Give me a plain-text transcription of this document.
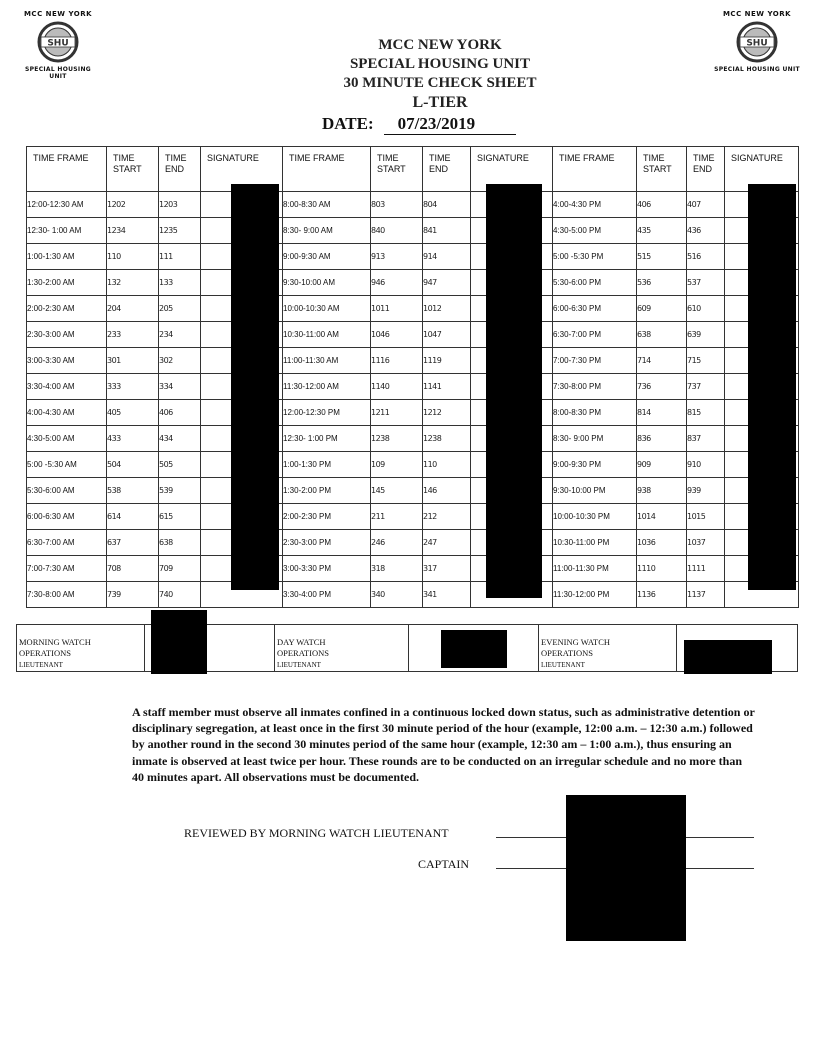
MCC NEW YORK
SHU
SPECIAL HOUSING UNIT
MCC NEW YORK
SHU
SPECIAL HOUSING UNIT
MCC NEW YORK
SPECIAL HOUSING UNIT
30 MINUTE CHECK SHEET
L-TIER
DATE: 07/23/2019
TIME FRAME	TIME START	TIME END	SIGNATURE	TIME FRAME	TIME START	TIME END	SIGNATURE	TIME FRAME	TIME START	TIME END	SIGNATURE
12:00-12:30 AM	1202	1203		8:00-8:30 AM	803	804		4:00-4:30 PM	406	407	
12:30- 1:00 AM	1234	1235		8:30- 9:00 AM	840	841		4:30-5:00 PM	435	436	
1:00-1:30 AM	110	111		9:00-9:30 AM	913	914		5:00 -5:30 PM	515	516	
1:30-2:00 AM	132	133		9:30-10:00 AM	946	947		5:30-6:00 PM	536	537	
2:00-2:30 AM	204	205		10:00-10:30 AM	1011	1012		6:00-6:30 PM	609	610	
2:30-3:00 AM	233	234		10:30-11:00 AM	1046	1047		6:30-7:00 PM	638	639	
3:00-3:30 AM	301	302		11:00-11:30 AM	1116	1119		7:00-7:30 PM	714	715	
3:30-4:00 AM	333	334		11:30-12:00 AM	1140	1141		7:30-8:00 PM	736	737	
4:00-4:30 AM	405	406		12:00-12:30 PM	1211	1212		8:00-8:30 PM	814	815	
4:30-5:00 AM	433	434		12:30- 1:00 PM	1238	1238		8:30- 9:00 PM	836	837	
5:00 -5:30 AM	504	505		1:00-1:30 PM	109	110		9:00-9:30 PM	909	910	
5:30-6:00 AM	538	539		1:30-2:00 PM	145	146		9:30-10:00 PM	938	939	
6:00-6:30 AM	614	615		2:00-2:30 PM	211	212		10:00-10:30 PM	1014	1015	
6:30-7:00 AM	637	638		2:30-3:00 PM	246	247		10:30-11:00 PM	1036	1037	
7:00-7:30 AM	708	709		3:00-3:30 PM	318	317		11:00-11:30 PM	1110	1111	
7:30-8:00 AM	739	740		3:30-4:00 PM	340	341		11:30-12:00 PM	1136	1137	
MORNING WATCH
OPERATIONS
LIEUTENANT
DAY WATCH
OPERATIONS
LIEUTENANT
EVENING WATCH
OPERATIONS
LIEUTENANT
A staff member must observe all inmates confined in a continuous locked down status, such as administrative detention or disciplinary segregation, at least once in the first 30 minute period of the hour (example, 12:00 a.m. – 12:30 a.m.) followed by another round in the second 30 minutes period of the same hour (example, 12:30 am – 1:00 a.m.), thus ensuring an inmate is observed at least twice per hour. These rounds are to be conducted on an irregular schedule and no more than 40 minutes apart. All observations must be documented.
REVIEWED BY MORNING WATCH LIEUTENANT
CAPTAIN
